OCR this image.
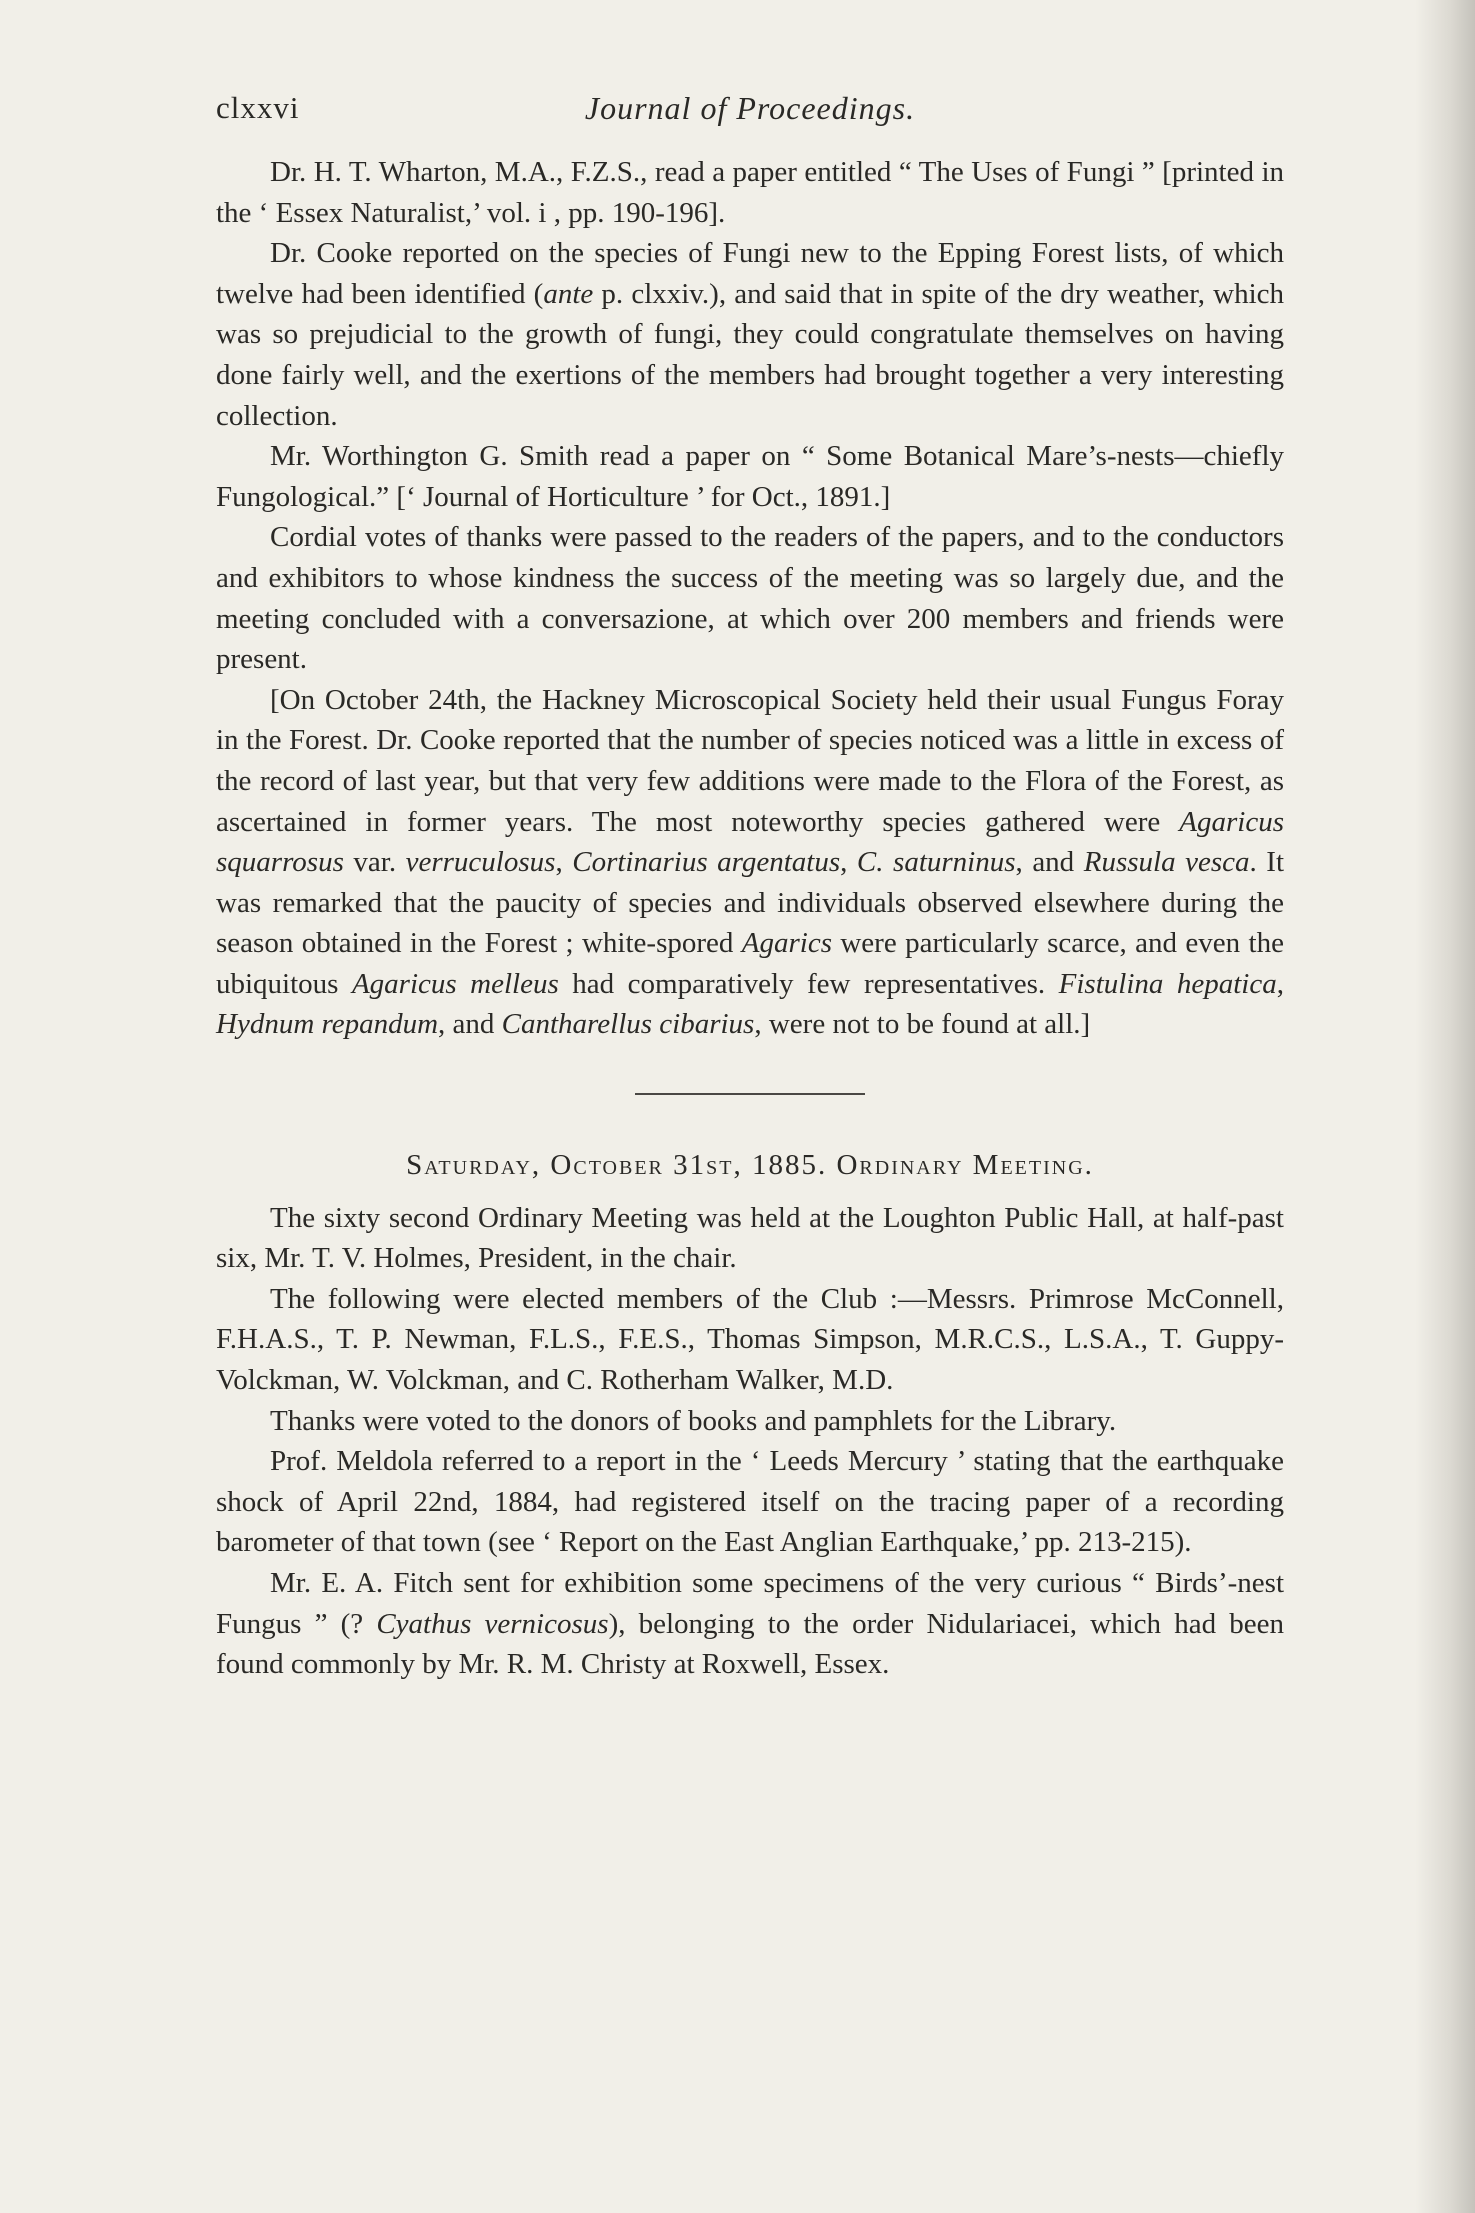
clxxvi	Journal of Proceedings.

Dr. H. T. Wharton, M.A., F.Z.S., read a paper entitled “ The Uses of Fungi ” [printed in the ‘ Essex Naturalist,’ vol. i , pp. 190-196].

Dr. Cooke reported on the species of Fungi new to the Epping Forest lists, of which twelve had been identified (ante p. clxxiv.), and said that in spite of the dry weather, which was so prejudicial to the growth of fungi, they could congratulate themselves on having done fairly well, and the exertions of the members had brought together a very interesting collection.

Mr. Worthington G. Smith read a paper on “ Some Botanical Mare’s-nests—chiefly Fungological.” [‘ Journal of Horticulture ’ for Oct., 1891.]

Cordial votes of thanks were passed to the readers of the papers, and to the conductors and exhibitors to whose kindness the success of the meeting was so largely due, and the meeting concluded with a conversazione, at which over 200 members and friends were present.

[On October 24th, the Hackney Microscopical Society held their usual Fungus Foray in the Forest. Dr. Cooke reported that the number of species noticed was a little in excess of the record of last year, but that very few additions were made to the Flora of the Forest, as ascertained in former years. The most noteworthy species gathered were Agaricus squarrosus var. verruculosus, Cortinarius argentatus, C. saturninus, and Russula vesca. It was remarked that the paucity of species and individuals observed elsewhere during the season obtained in the Forest ; white-spored Agarics were particularly scarce, and even the ubiquitous Agaricus melleus had comparatively few representatives. Fistulina hepatica, Hydnum repandum, and Cantharellus cibarius, were not to be found at all.]

Saturday, October 31st, 1885. Ordinary Meeting.

The sixty second Ordinary Meeting was held at the Loughton Public Hall, at half-past six, Mr. T. V. Holmes, President, in the chair.

The following were elected members of the Club :—Messrs. Primrose McConnell, F.H.A.S., T. P. Newman, F.L.S., F.E.S., Thomas Simpson, M.R.C.S., L.S.A., T. Guppy-Volckman, W. Volckman, and C. Rotherham Walker, M.D.

Thanks were voted to the donors of books and pamphlets for the Library.

Prof. Meldola referred to a report in the ‘ Leeds Mercury ’ stating that the earthquake shock of April 22nd, 1884, had registered itself on the tracing paper of a recording barometer of that town (see ‘ Report on the East Anglian Earthquake,’ pp. 213-215).

Mr. E. A. Fitch sent for exhibition some specimens of the very curious “ Birds’-nest Fungus ” (? Cyathus vernicosus), belonging to the order Nidulariacei, which had been found commonly by Mr. R. M. Christy at Roxwell, Essex.
